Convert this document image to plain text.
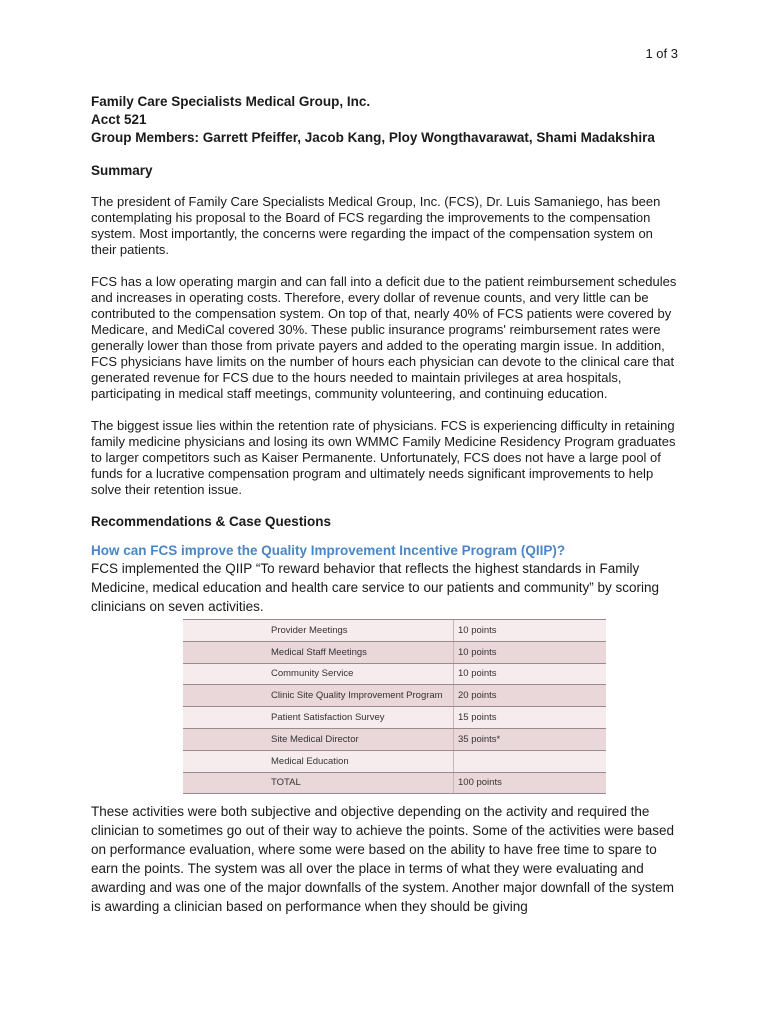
1 of 3
Family Care Specialists Medical Group, Inc.
Acct 521
Group Members: Garrett Pfeiffer, Jacob Kang, Ploy Wongthavarawat, Shami Madakshira
Summary

The president of Family Care Specialists Medical Group, Inc. (FCS), Dr. Luis Samaniego, has been contemplating his proposal to the Board of FCS regarding the improvements to the compensation system. Most importantly, the concerns were regarding the impact of the compensation system on their patients.

FCS has a low operating margin and can fall into a deficit due to the patient reimbursement schedules and increases in operating costs. Therefore, every dollar of revenue counts, and very little can be contributed to the compensation system. On top of that, nearly 40% of FCS patients were covered by Medicare, and MediCal covered 30%. These public insurance programs' reimbursement rates were generally lower than those from private payers and added to the operating margin issue. In addition, FCS physicians have limits on the number of hours each physician can devote to the clinical care that generated revenue for FCS due to the hours needed to maintain privileges at area hospitals, participating in medical staff meetings, community volunteering, and continuing education.

The biggest issue lies within the retention rate of physicians. FCS is experiencing difficulty in retaining family medicine physicians and losing its own WMMC Family Medicine Residency Program graduates to larger competitors such as Kaiser Permanente. Unfortunately, FCS does not have a large pool of funds for a lucrative compensation program and ultimately needs significant improvements to help solve their retention issue.

Recommendations & Case Questions
How can FCS improve the Quality Improvement Incentive Program (QIIP)?
FCS implemented the QIIP “To reward behavior that reflects the highest standards in Family Medicine, medical education and health care service to our patients and community” by scoring clinicians on seven activities.
Provider Meetings	10 points
Medical Staff Meetings	10 points
Community Service	10 points
Clinic Site Quality Improvement Program	20 points
Patient Satisfaction Survey	15 points
Site Medical Director	35 points*
Medical Education	
TOTAL	100 points
These activities were both subjective and objective depending on the activity and required the clinician to sometimes go out of their way to achieve the points. Some of the activities were based on performance evaluation, where some were based on the ability to have free time to spare to earn the points. The system was all over the place in terms of what they were evaluating and awarding and was one of the major downfalls of the system. Another major downfall of the system is awarding a clinician based on performance when they should be giving
